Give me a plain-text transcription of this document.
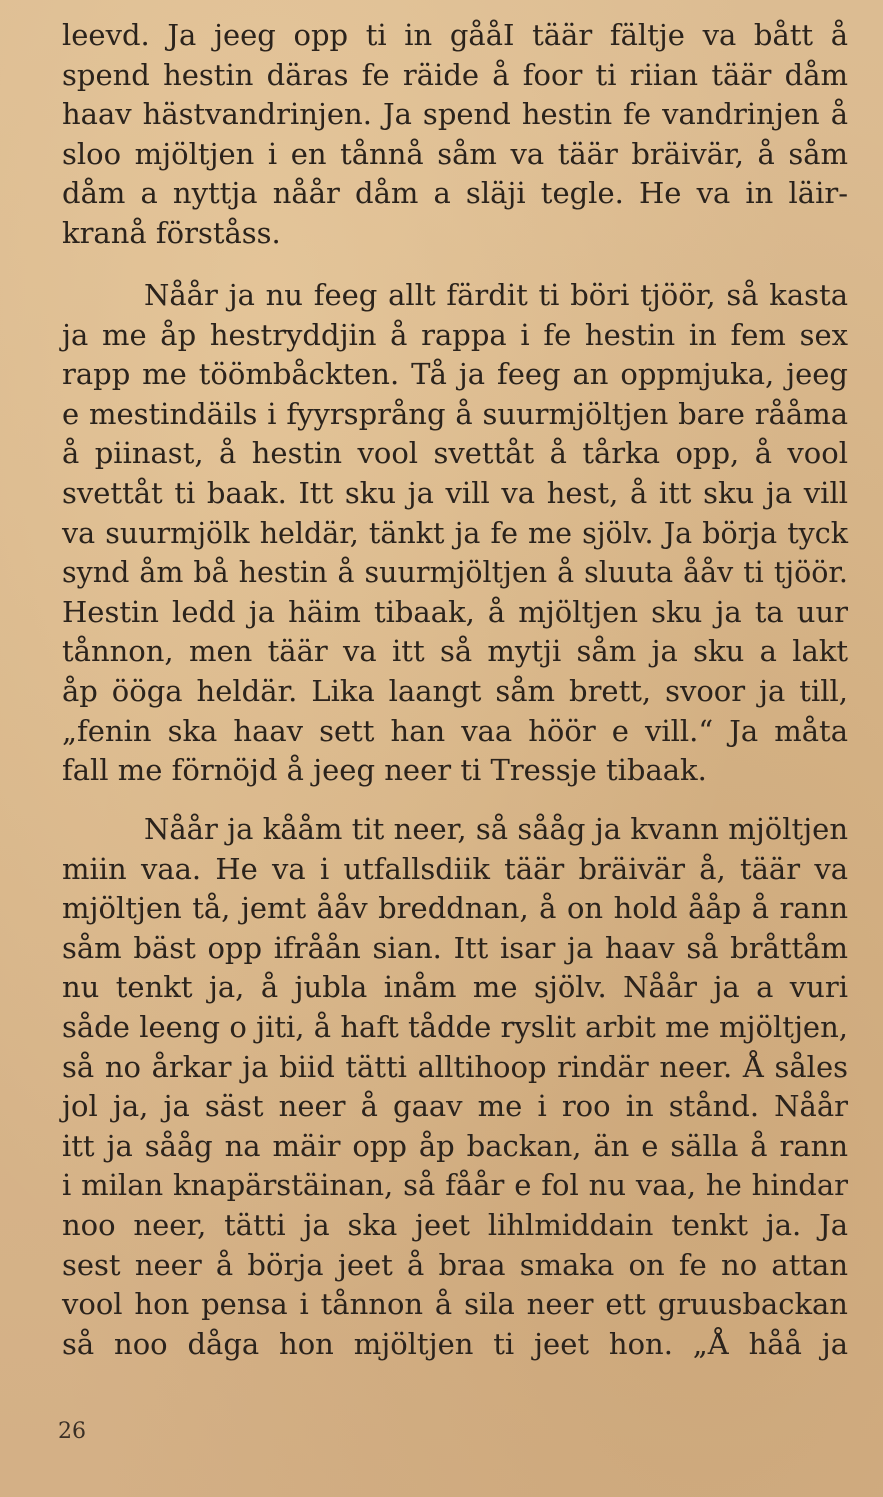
leevd. Ja jeeg opp ti in gååI täär fältje va bått å
spend hestin däras fe räide å foor ti riian täär dåm
haav hästvandrinjen. Ja spend hestin fe vandrinjen å
sloo mjöltjen i en tånnå såm va täär bräivär, å såm
dåm a nyttja nåår dåm a släji tegle. He va in läir-
kranå förståss.
Nåår ja nu feeg allt färdit ti böri tjöör, så kasta
ja me åp hestryddjin å rappa i fe hestin in fem sex
rapp me töömbåckten. Tå ja feeg an oppmjuka, jeeg
e mestindäils i fyyrsprång å suurmjöltjen bare rååma
å piinast, å hestin vool svettåt å tårka opp, å vool
svettåt ti baak. Itt sku ja vill va hest, å itt sku ja vill
va suurmjölk heldär, tänkt ja fe me sjölv. Ja börja tyck
synd åm bå hestin å suurmjöltjen å sluuta ååv ti tjöör.
Hestin ledd ja häim tibaak, å mjöltjen sku ja ta uur
tånnon, men täär va itt så mytji såm ja sku a lakt
åp ööga heldär. Lika laangt såm brett, svoor ja till,
„fenin ska haav sett han vaa höör e vill.“ Ja måta
fall me förnöjd å jeeg neer ti Tressje tibaak.
Nåår ja kååm tit neer, så sååg ja kvann mjöltjen
miin vaa. He va i utfallsdiik täär bräivär å, täär va
mjöltjen tå, jemt ååv breddnan, å on hold ååp å rann
såm bäst opp ifråån sian. Itt isar ja haav så bråttåm
nu tenkt ja, å jubla inåm me sjölv. Nåår ja a vuri
såde leeng o jiti, å haft tådde ryslit arbit me mjöltjen,
så no årkar ja biid tätti alltihoop rindär neer. Å såles
jol ja, ja säst neer å gaav me i roo in stånd. Nåår
itt ja sååg na mäir opp åp backan, än e sälla å rann
i milan knapärstäinan, så fåår e fol nu vaa, he hindar
noo neer, tätti ja ska jeet lihlmiddain tenkt ja. Ja
sest neer å börja jeet å braa smaka on fe no attan
vool hon pensa i tånnon å sila neer ett gruusbackan
så noo dåga hon mjöltjen ti jeet hon. „Å håå ja
26
